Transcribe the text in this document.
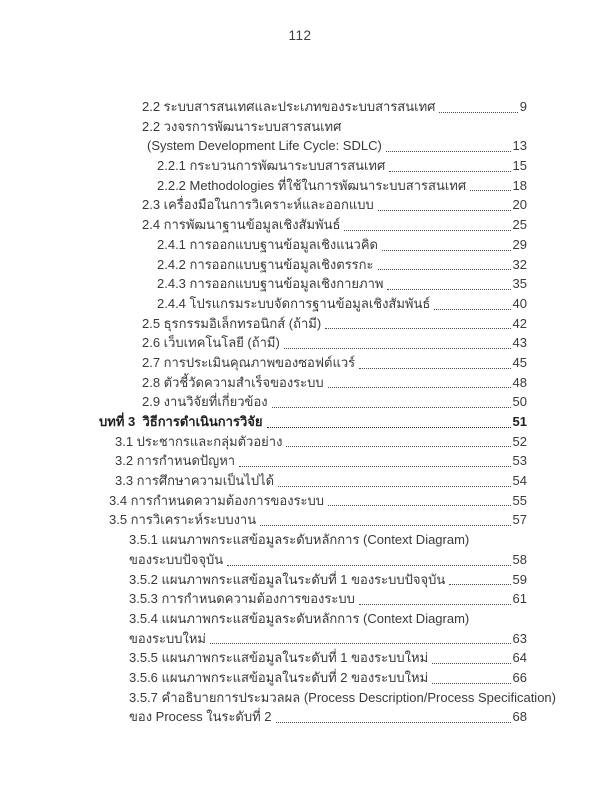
112
2.2 ระบบสารสนเทศและประเภทของระบบสารสนเทศ	9
2.2 วงจรการพัฒนาระบบสารสนเทศ
(System Development Life Cycle: SDLC)	13
2.2.1 กระบวนการพัฒนาระบบสารสนเทศ	15
2.2.2 Methodologies ที่ใช้ในการพัฒนาระบบสารสนเทศ	18
2.3 เครื่องมือในการวิเคราะห์และออกแบบ	20
2.4 การพัฒนาฐานข้อมูลเชิงสัมพันธ์	25
2.4.1 การออกแบบฐานข้อมูลเชิงแนวคิด	29
2.4.2 การออกแบบฐานข้อมูลเชิงตรรกะ	32
2.4.3 การออกแบบฐานข้อมูลเชิงกายภาพ	35
2.4.4 โปรแกรมระบบจัดการฐานข้อมูลเชิงสัมพันธ์	40
2.5 ธุรกรรมอิเล็กทรอนิกส์ (ถ้ามี)	42
2.6 เว็บเทคโนโลยี (ถ้ามี)	43
2.7 การประเมินคุณภาพของซอฟต์แวร์	45
2.8 ตัวชี้วัดความสำเร็จของระบบ	48
2.9 งานวิจัยที่เกี่ยวข้อง	50
บทที่ 3  วิธีการดำเนินการวิจัย	51
3.1 ประชากรและกลุ่มตัวอย่าง	52
3.2 การกำหนดปัญหา	53
3.3 การศึกษาความเป็นไปได้	54
3.4 การกำหนดความต้องการของระบบ	55
3.5 การวิเคราะห์ระบบงาน	57
3.5.1 แผนภาพกระแสข้อมูลระดับหลักการ (Context Diagram)
ของระบบปัจจุบัน	58
3.5.2 แผนภาพกระแสข้อมูลในระดับที่ 1 ของระบบปัจจุบัน	59
3.5.3 การกำหนดความต้องการของระบบ	61
3.5.4 แผนภาพกระแสข้อมูลระดับหลักการ (Context Diagram)
ของระบบใหม่	63
3.5.5 แผนภาพกระแสข้อมูลในระดับที่ 1 ของระบบใหม่	64
3.5.6 แผนภาพกระแสข้อมูลในระดับที่ 2 ของระบบใหม่	66
3.5.7 คำอธิบายการประมวลผล (Process Description/Process Specification)
ของ Process ในระดับที่ 2	68
